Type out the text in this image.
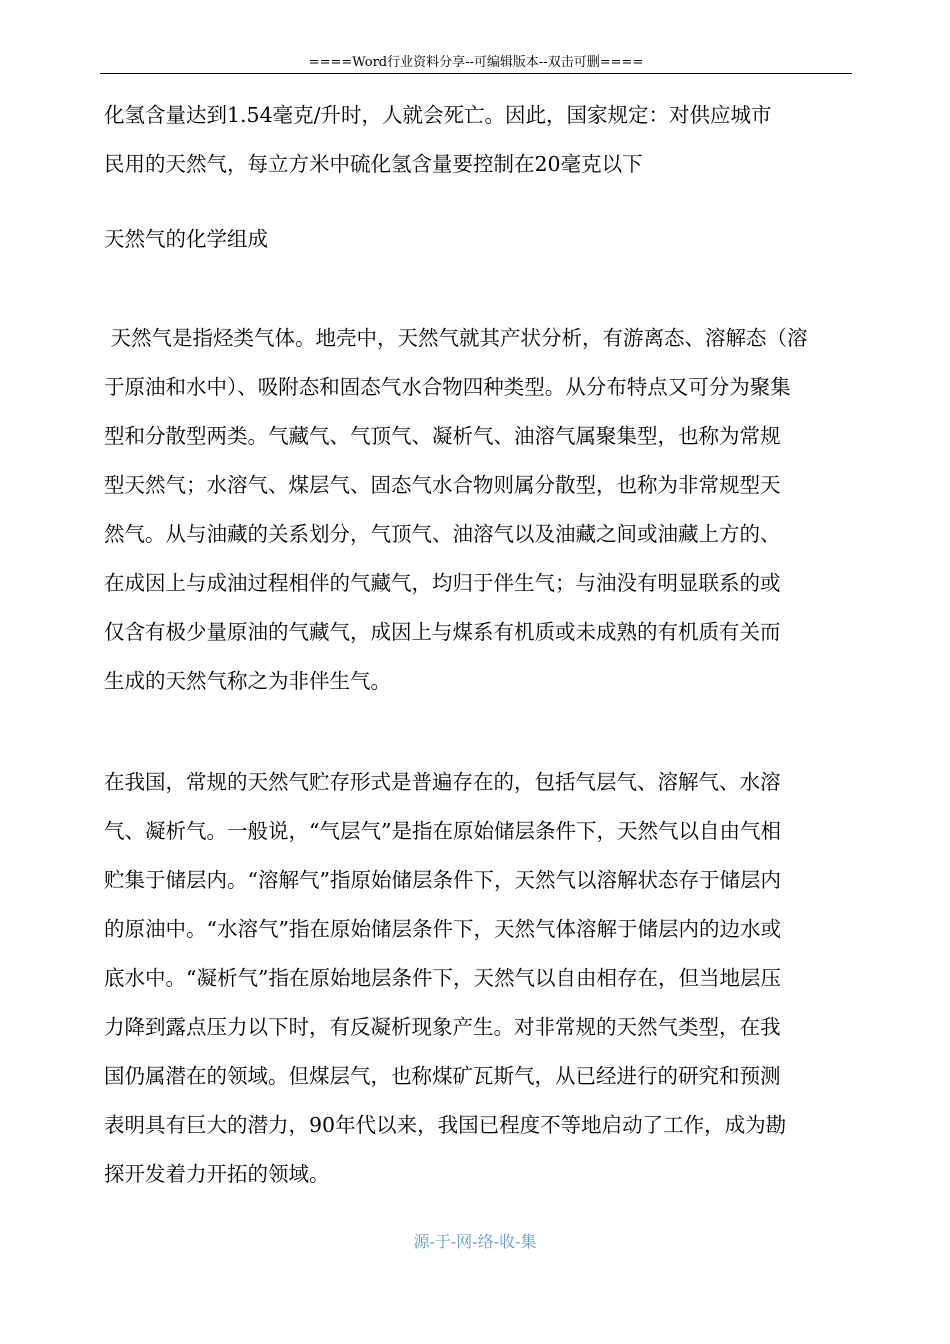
====Word行业资料分享--可编辑版本--双击可删====
化氢含量达到1.54毫克/升时，人就会死亡。因此，国家规定：对供应城市
民用的天然气，每立方米中硫化氢含量要控制在20毫克以下
天然气的化学组成
天然气是指烃类气体。地壳中，天然气就其产状分析，有游离态、溶解态（溶
于原油和水中）、吸附态和固态气水合物四种类型。从分布特点又可分为聚集
型和分散型两类。气藏气、气顶气、凝析气、油溶气属聚集型，也称为常规
型天然气；水溶气、煤层气、固态气水合物则属分散型，也称为非常规型天
然气。从与油藏的关系划分，气顶气、油溶气以及油藏之间或油藏上方的、
在成因上与成油过程相伴的气藏气，均归于伴生气；与油没有明显联系的或
仅含有极少量原油的气藏气，成因上与煤系有机质或未成熟的有机质有关而
生成的天然气称之为非伴生气。
在我国，常规的天然气贮存形式是普遍存在的，包括气层气、溶解气、水溶
气、凝析气。一般说，“气层气”是指在原始储层条件下，天然气以自由气相
贮集于储层内。“溶解气”指原始储层条件下，天然气以溶解状态存于储层内
的原油中。“水溶气”指在原始储层条件下，天然气体溶解于储层内的边水或
底水中。“凝析气”指在原始地层条件下，天然气以自由相存在，但当地层压
力降到露点压力以下时，有反凝析现象产生。对非常规的天然气类型，在我
国仍属潜在的领域。但煤层气，也称煤矿瓦斯气，从已经进行的研究和预测
表明具有巨大的潜力，90年代以来，我国已程度不等地启动了工作，成为勘
探开发着力开拓的领域。
源-于-网-络-收-集
